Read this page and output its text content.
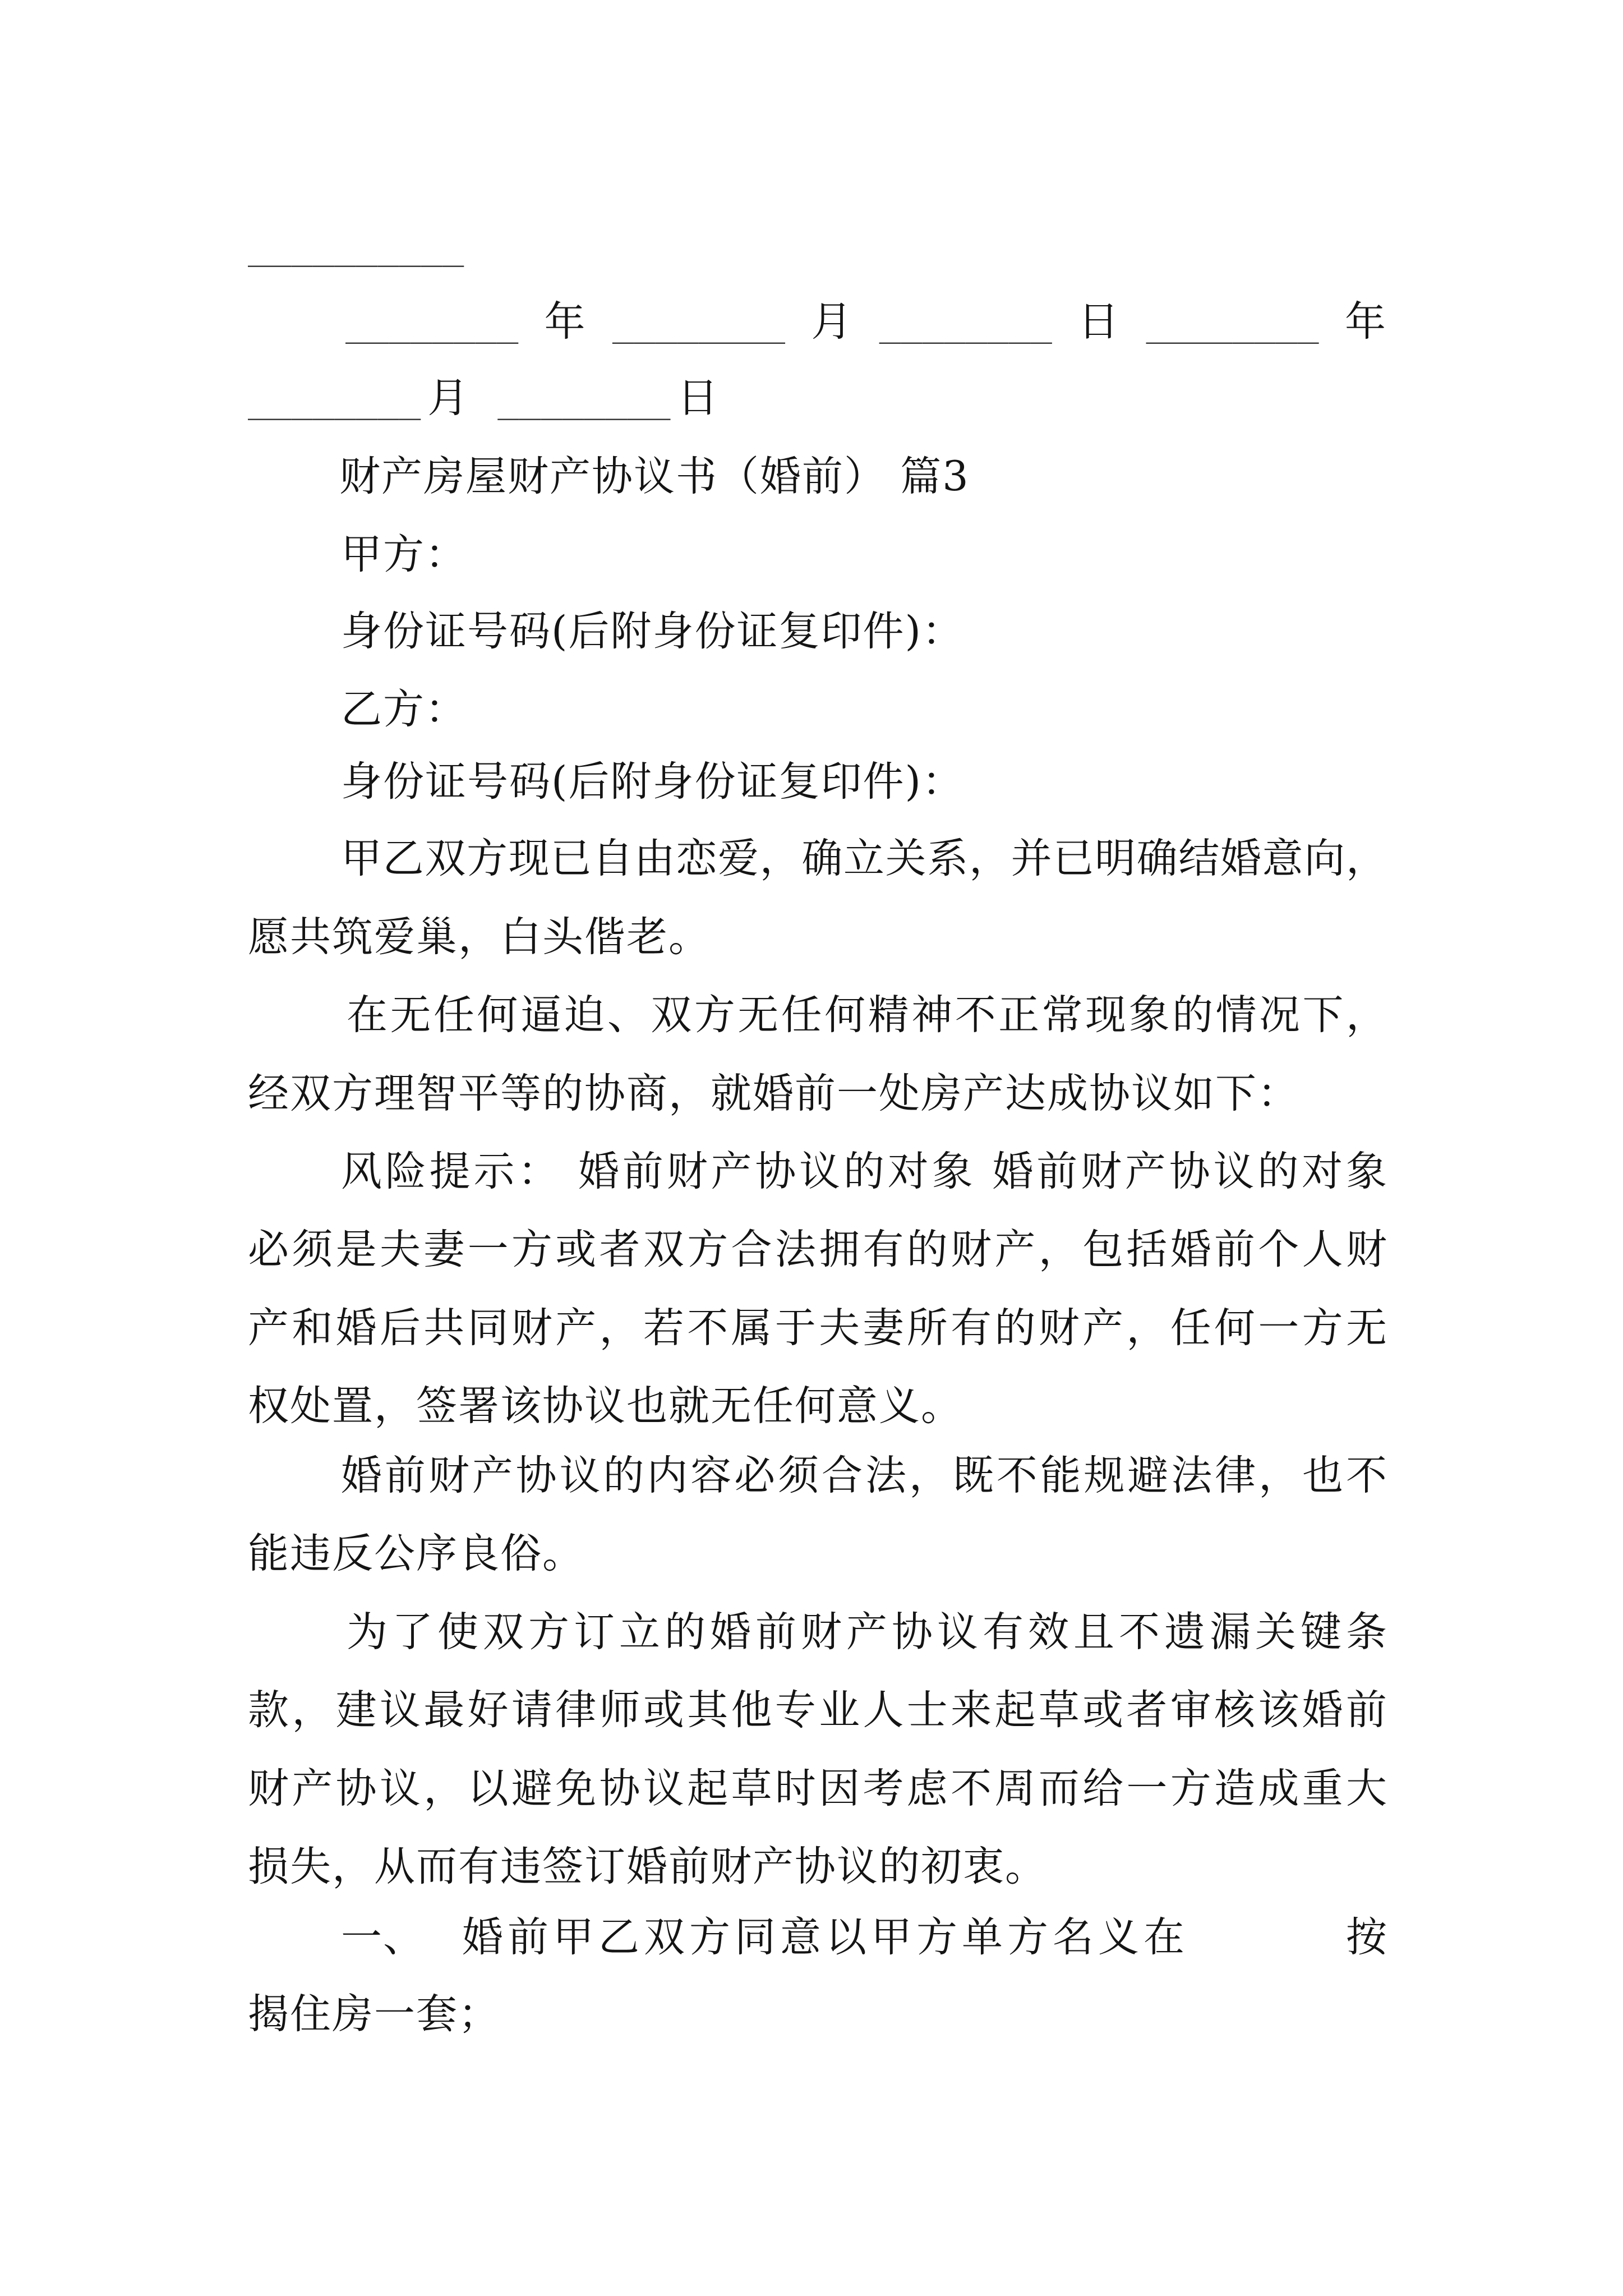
__________
________ 年 ________ 月 ________ 日 ________ 年
________ 月 ________ 日
财产房屋财产协议书（婚前） 篇3
甲方：
身份证号码(后附身份证复印件)：
乙方：
身份证号码(后附身份证复印件)：
甲乙双方现已自由恋爱，确立关系，并已明确结婚意向，
愿共筑爱巢，白头偕老。
在无任何逼迫、双方无任何精神不正常现象的情况下，
经双方理智平等的协商，就婚前一处房产达成协议如下：
风险提示： 婚前财产协议的对象 婚前财产协议的对象
必须是夫妻一方或者双方合法拥有的财产，包括婚前个人财
产和婚后共同财产，若不属于夫妻所有的财产，任何一方无
权处置，签署该协议也就无任何意义。
婚前财产协议的内容必须合法，既不能规避法律，也不
能违反公序良俗。
为了使双方订立的婚前财产协议有效且不遗漏关键条
款，建议最好请律师或其他专业人士来起草或者审核该婚前
财产协议，以避免协议起草时因考虑不周而给一方造成重大
损失，从而有违签订婚前财产协议的初衷。
一、 婚前甲乙双方同意以甲方单方名义在	按
揭住房一套；
